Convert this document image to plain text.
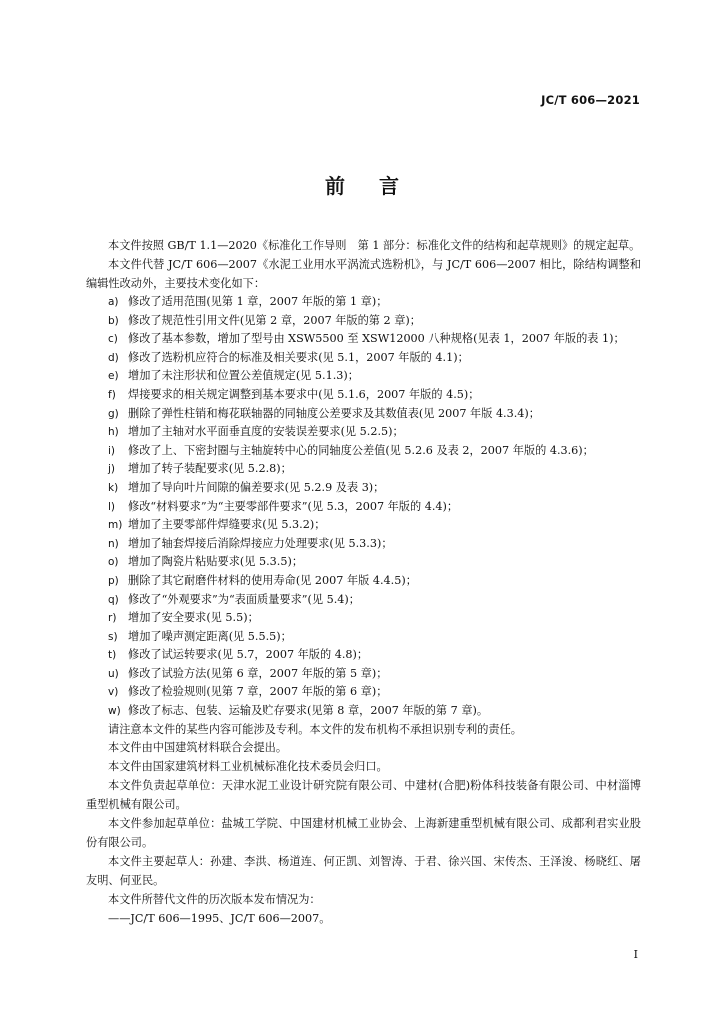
JC/T 606—2021
前言

本文件按照 GB/T 1.1—2020《标准化工作导则　第 1 部分：标准化文件的结构和起草规则》的规定起草。

本文件代替 JC/T 606—2007《水泥工业用水平涡流式选粉机》，与 JC/T 606—2007 相比，除结构调整和编辑性改动外，主要技术变化如下：

a) 修改了适用范围(见第 1 章，2007 年版的第 1 章)；
b) 修改了规范性引用文件(见第 2 章，2007 年版的第 2 章)；
c) 修改了基本参数，增加了型号由 XSW5500 至 XSW12000 八种规格(见表 1，2007 年版的表 1)；
d) 修改了选粉机应符合的标准及相关要求(见 5.1，2007 年版的 4.1)；
e) 增加了未注形状和位置公差值规定(见 5.1.3)；
f)	焊接要求的相关规定调整到基本要求中(见 5.1.6，2007 年版的 4.5)；
g) 删除了弹性柱销和梅花联轴器的同轴度公差要求及其数值表(见 2007 年版 4.3.4)；
h) 增加了主轴对水平面垂直度的安装误差要求(见 5.2.5)；
i)	修改了上、下密封圈与主轴旋转中心的同轴度公差值(见 5.2.6 及表 2，2007 年版的 4.3.6)；
j)	增加了转子装配要求(见 5.2.8)；
k) 增加了导向叶片间隙的偏差要求(见 5.2.9 及表 3)；
l)	修改“材料要求”为“主要零部件要求”(见 5.3，2007 年版的 4.4)；
m) 增加了主要零部件焊缝要求(见 5.3.2)；
n) 增加了轴套焊接后消除焊接应力处理要求(见 5.3.3)；
o) 增加了陶瓷片粘贴要求(见 5.3.5)；
p) 删除了其它耐磨件材料的使用寿命(见 2007 年版 4.4.5)；
q) 修改了“外观要求”为“表面质量要求”(见 5.4)；
r)	增加了安全要求(见 5.5)；
s) 增加了噪声测定距离(见 5.5.5)；
t)	修改了试运转要求(见 5.7，2007 年版的 4.8)；
u) 修改了试验方法(见第 6 章，2007 年版的第 5 章)；
v) 修改了检验规则(见第 7 章，2007 年版的第 6 章)；
w) 修改了标志、包装、运输及贮存要求(见第 8 章，2007 年版的第 7 章)。

请注意本文件的某些内容可能涉及专利。本文件的发布机构不承担识别专利的责任。

本文件由中国建筑材料联合会提出。

本文件由国家建筑材料工业机械标准化技术委员会归口。

本文件负责起草单位：天津水泥工业设计研究院有限公司、中建材(合肥)粉体科技装备有限公司、中材淄博重型机械有限公司。

本文件参加起草单位：盐城工学院、中国建材机械工业协会、上海新建重型机械有限公司、成都利君实业股份有限公司。

本文件主要起草人：孙建、李洪、杨道连、何正凯、刘智涛、于君、徐兴国、宋传杰、王泽浚、杨晓红、屠友明、何亚民。

本文件所替代文件的历次版本发布情况为：

——JC/T 606—1995、JC/T 606—2007。
I
